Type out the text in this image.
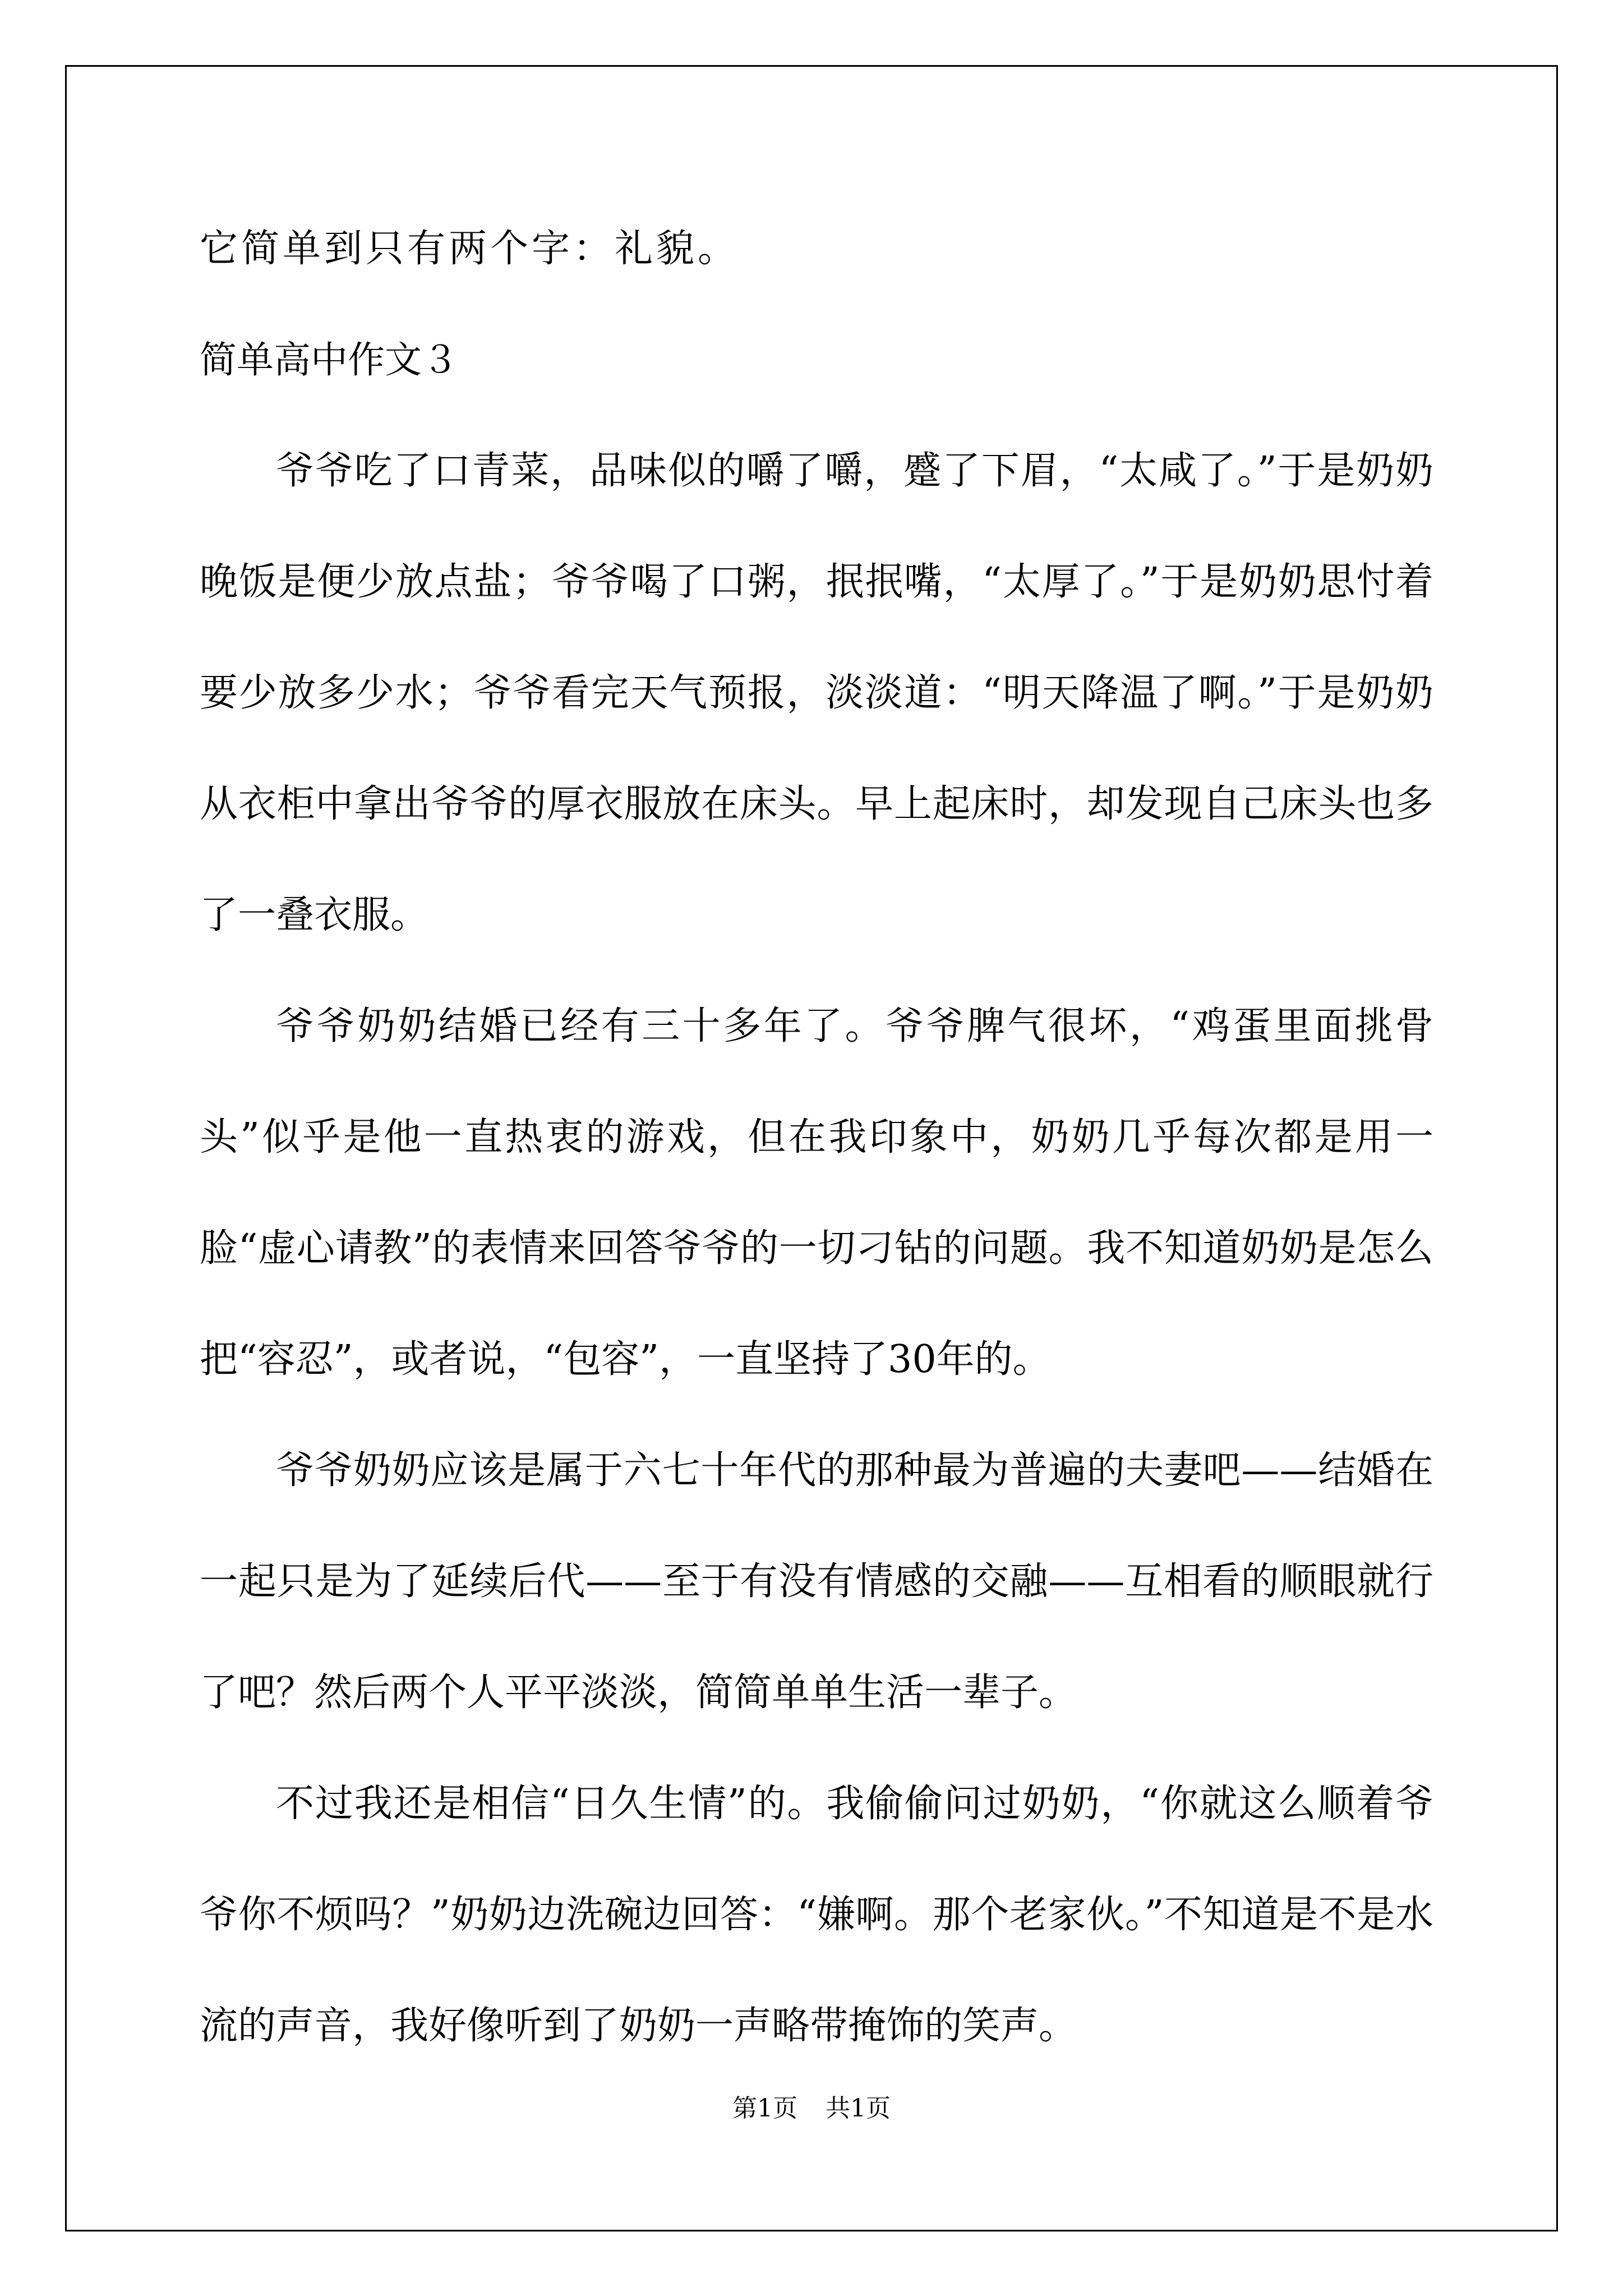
它简单到只有两个字：礼貌。

简单高中作文３

爷爷吃了口青菜，品味似的嚼了嚼，蹙了下眉，“太咸了。”于是奶奶晚饭是便少放点盐；爷爷喝了口粥，抿抿嘴，“太厚了。”于是奶奶思忖着要少放多少水；爷爷看完天气预报，淡淡道：“明天降温了啊。”于是奶奶从衣柜中拿出爷爷的厚衣服放在床头。早上起床时，却发现自己床头也多了一叠衣服。

爷爷奶奶结婚已经有三十多年了。爷爷脾气很坏，“鸡蛋里面挑骨头”似乎是他一直热衷的游戏，但在我印象中，奶奶几乎每次都是用一脸“虚心请教”的表情来回答爷爷的一切刁钻的问题。我不知道奶奶是怎么把“容忍”，或者说，“包容”，一直坚持了30年的。

爷爷奶奶应该是属于六七十年代的那种最为普遍的夫妻吧——结婚在一起只是为了延续后代——至于有没有情感的交融——互相看的顺眼就行了吧？然后两个人平平淡淡，简简单单生活一辈子。

不过我还是相信“日久生情”的。我偷偷问过奶奶，“你就这么顺着爷爷你不烦吗？”奶奶边洗碗边回答：“嫌啊。那个老家伙。”不知道是不是水流的声音，我好像听到了奶奶一声略带掩饰的笑声。

第1页 共1页
